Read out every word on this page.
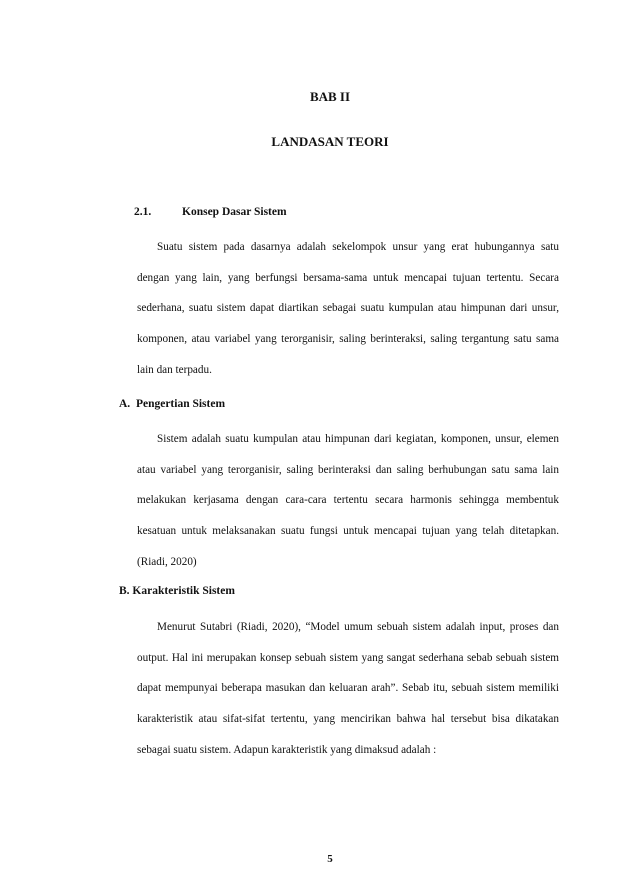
BAB II
LANDASAN TEORI
2.1.	Konsep Dasar Sistem

Suatu sistem pada dasarnya adalah sekelompok unsur yang erat hubungannya satu dengan yang lain, yang berfungsi bersama-sama untuk mencapai tujuan tertentu. Secara sederhana, suatu sistem dapat diartikan sebagai suatu kumpulan atau himpunan dari unsur, komponen, atau variabel yang terorganisir, saling berinteraksi, saling tergantung satu sama lain dan terpadu.

A. Pengertian Sistem

Sistem adalah suatu kumpulan atau himpunan dari kegiatan, komponen, unsur, elemen atau variabel yang terorganisir, saling berinteraksi dan saling berhubungan satu sama lain melakukan kerjasama dengan cara-cara tertentu secara harmonis sehingga membentuk kesatuan untuk melaksanakan suatu fungsi untuk mencapai tujuan yang telah ditetapkan. (Riadi, 2020)

B. Karakteristik Sistem

Menurut Sutabri (Riadi, 2020), “Model umum sebuah sistem adalah input, proses dan output. Hal ini merupakan konsep sebuah sistem yang sangat sederhana sebab sebuah sistem dapat mempunyai beberapa masukan dan keluaran arah”. Sebab itu, sebuah sistem memiliki karakteristik atau sifat-sifat tertentu, yang mencirikan bahwa hal tersebut bisa dikatakan sebagai suatu sistem. Adapun karakteristik yang dimaksud adalah :

5
